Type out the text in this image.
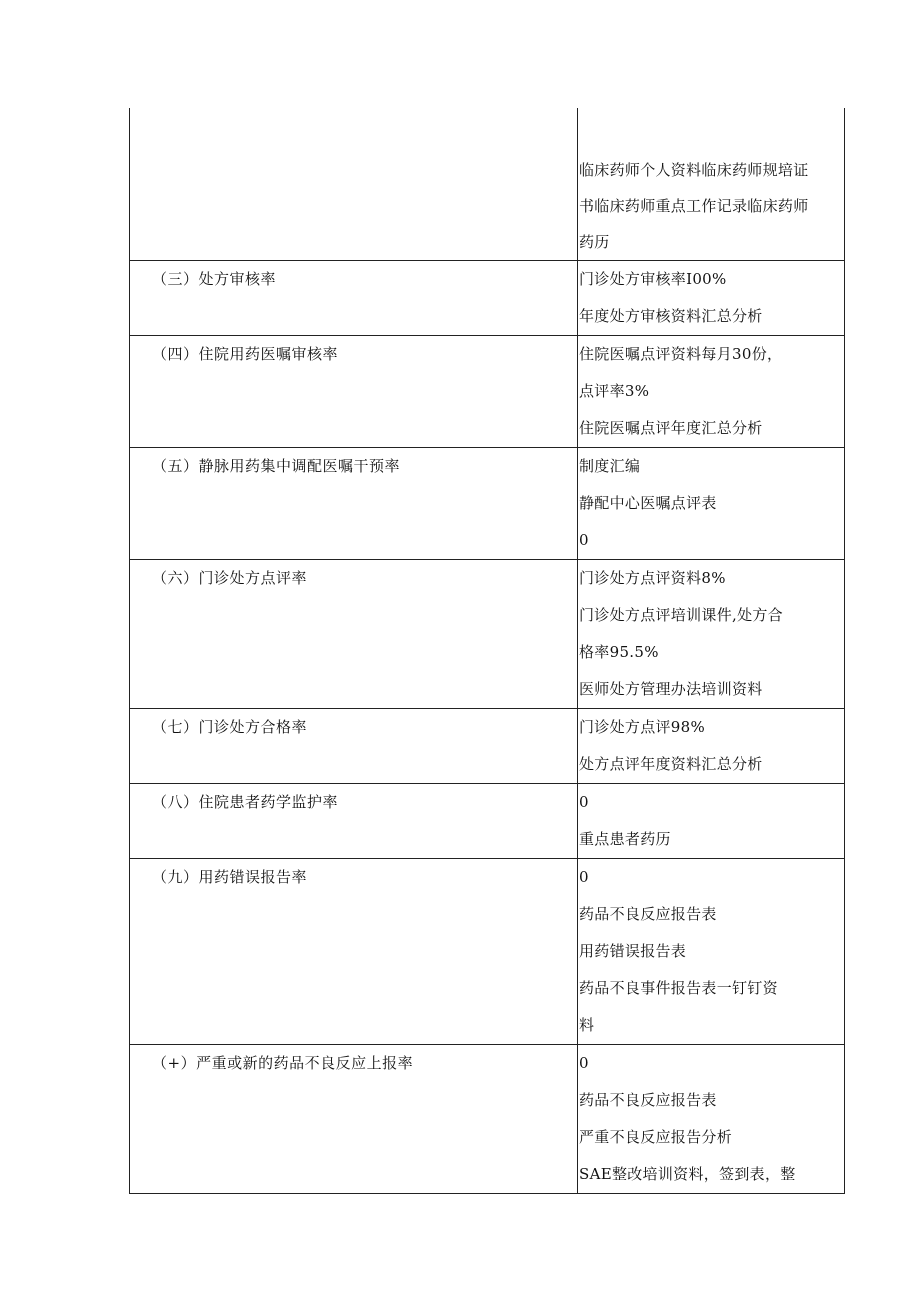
	临床药师个人资料临床药师规培证
书临床药师重点工作记录临床药师
药历

（三）处方审核率	门诊处方审核率I00%
年度处方审核资料汇总分析

（四）住院用药医嘱审核率	住院医嘱点评资料每月30份，
点评率3%
住院医嘱点评年度汇总分析

（五）静脉用药集中调配医嘱干预率	制度汇编
静配中心医嘱点评表
0

（六）门诊处方点评率	门诊处方点评资料8%
门诊处方点评培训课件,处方合
格率95.5%
医师处方管理办法培训资料

（七）门诊处方合格率	门诊处方点评98%
处方点评年度资料汇总分析

（八）住院患者药学监护率	0
重点患者药历

（九）用药错误报告率	0
药品不良反应报告表
用药错误报告表
药品不良事件报告表一钉钉资
料

（+）严重或新的药品不良反应上报率	0
药品不良反应报告表
严重不良反应报告分析
SAE整改培训资料，签到表，整
